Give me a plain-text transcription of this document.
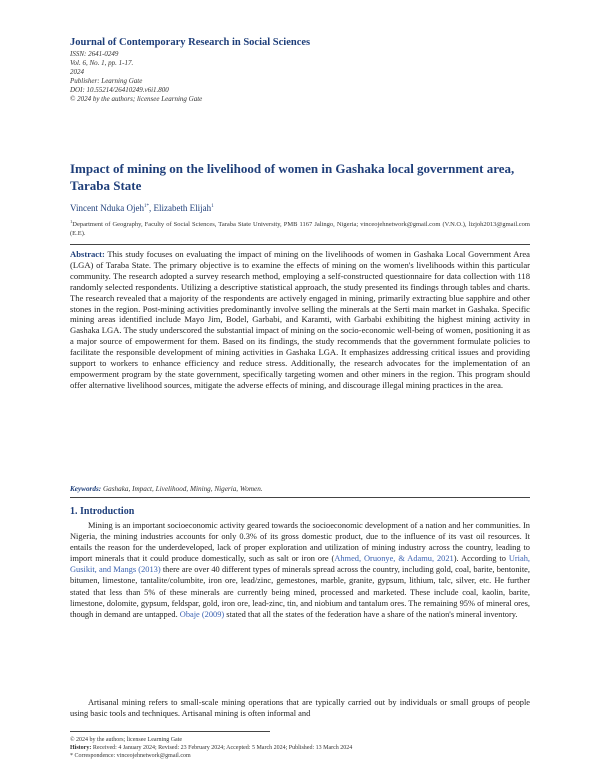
Journal of Contemporary Research in Social Sciences
ISSN: 2641-0249
Vol. 6, No. 1, pp. 1-17.
2024
Publisher: Learning Gate
DOI: 10.55214/26410249.v6i1.800
© 2024 by the authors; licensee Learning Gate
Impact of mining on the livelihood of women in Gashaka local government area, Taraba State
Vincent Nduka Ojeh$^{1*}$, Elizabeth Elijah$^1$
$^1$Department of Geography, Faculty of Social Sciences, Taraba State University, PMB 1167 Jalingo, Nigeria; vinceojehnetwork@gmail.com (V.N.O.), lizjoh2013@gmail.com (E.E).
Abstract: This study focuses on evaluating the impact of mining on the livelihoods of women in Gashaka Local Government Area (LGA) of Taraba State. The primary objective is to examine the effects of mining on the women's livelihoods within this particular community. The research adopted a survey research method, employing a self-constructed questionnaire for data collection with 118 randomly selected respondents. Utilizing a descriptive statistical approach, the study presented its findings through tables and charts. The research revealed that a majority of the respondents are actively engaged in mining, primarily extracting blue sapphire and other stones in the region. Post-mining activities predominantly involve selling the minerals at the Serti main market in Gashaka. Specific mining areas identified include Mayo Jim, Bodel, Garbabi, and Karamti, with Garbabi exhibiting the highest mining activity in Gashaka LGA. The study underscored the substantial impact of mining on the socio-economic well-being of women, positioning it as a major source of empowerment for them. Based on its findings, the study recommends that the government formulate policies to facilitate the responsible development of mining activities in Gashaka LGA. It emphasizes addressing critical issues and providing support to workers to enhance efficiency and reduce stress. Additionally, the research advocates for the implementation of an empowerment program by the state government, specifically targeting women and other miners in the region. This program should offer alternative livelihood sources, mitigate the adverse effects of mining, and discourage illegal mining practices in the area.
Keywords: Gashaka, Impact, Livelihood, Mining, Nigeria, Women.
1. Introduction
Mining is an important socioeconomic activity geared towards the socioeconomic development of a nation and her communities. In Nigeria, the mining industries accounts for only 0.3% of its gross domestic product, due to the influence of its vast oil resources. It entails the reason for the underdeveloped, lack of proper exploration and utilization of mining industry across the country, leading to import minerals that it could produce domestically, such as salt or iron ore (Ahmed, Oruonye, & Adamu, 2021). According to Uriah, Gusikit, and Mangs (2013) there are over 40 different types of minerals spread across the country, including gold, coal, barite, bentonite, bitumen, limestone, tantalite/columbite, iron ore, lead/zinc, gemestones, marble, granite, gypsum, lithium, talc, silver, etc. He further stated that less than 5% of these minerals are currently being mined, processed and marketed. These include coal, kaolin, barite, limestone, dolomite, gypsum, feldspar, gold, iron ore, lead-zinc, tin, and niobium and tantalum ores. The remaining 95% of mineral ores, though in demand are untapped. Obaje (2009) stated that all the states of the federation have a share of the nation's mineral inventory.
Artisanal mining refers to small-scale mining operations that are typically carried out by individuals or small groups of people using basic tools and techniques. Artisanal mining is often informal and
© 2024 by the authors; licensee Learning Gate
History: Received: 4 January 2024; Revised: 23 February 2024; Accepted: 5 March 2024; Published: 13 March 2024
* Correspondence: vinceojehnetwork@gmail.com
